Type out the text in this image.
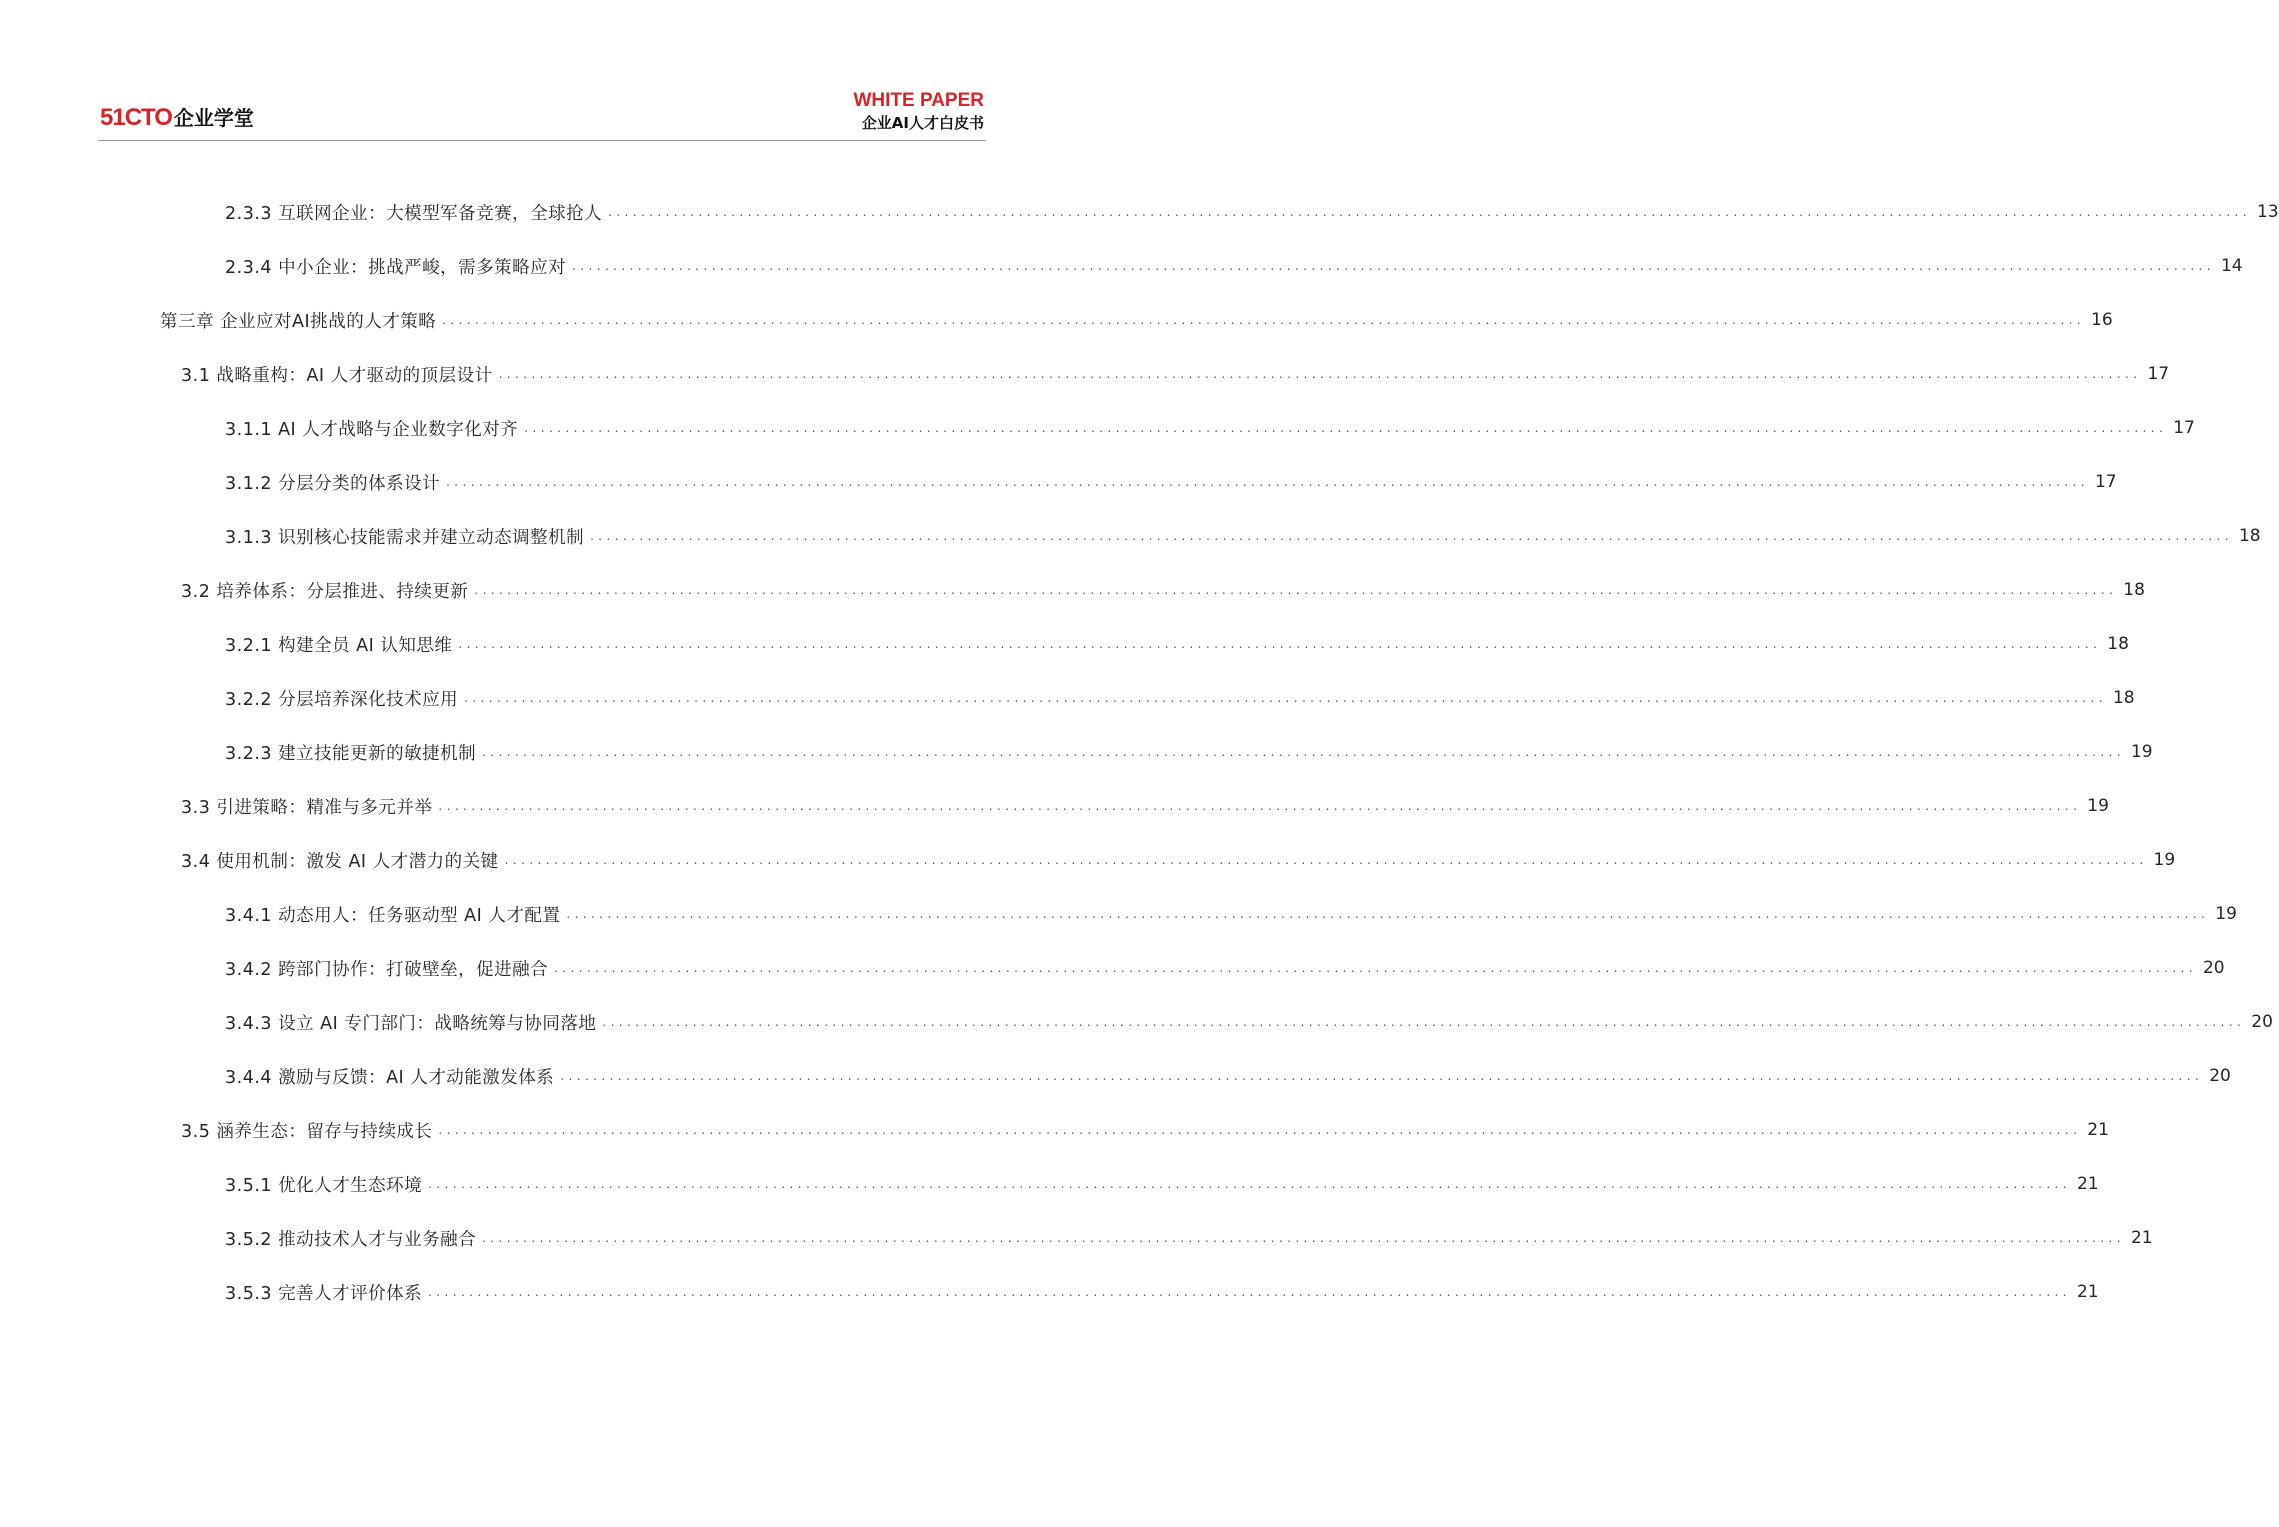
51CTO 企业学堂
WHITE PAPER
企业AI人才白皮书
2.3.3 互联网企业：大模型军备竞赛，全球抢人 ........................................................................................................................................................................................................ 13
2.3.4 中小企业：挑战严峻，需多策略应对 ........................................................................................................................................................................................................ 14
第三章 企业应对AI挑战的人才策略 ........................................................................................................................................................................................................ 16
3.1 战略重构：AI 人才驱动的顶层设计 ........................................................................................................................................................................................................ 17
3.1.1 AI 人才战略与企业数字化对齐 ........................................................................................................................................................................................................ 17
3.1.2 分层分类的体系设计 ........................................................................................................................................................................................................ 17
3.1.3 识别核心技能需求并建立动态调整机制 ........................................................................................................................................................................................................ 18
3.2 培养体系：分层推进、持续更新 ........................................................................................................................................................................................................ 18
3.2.1 构建全员 AI 认知思维 ........................................................................................................................................................................................................ 18
3.2.2 分层培养深化技术应用 ........................................................................................................................................................................................................ 18
3.2.3 建立技能更新的敏捷机制 ........................................................................................................................................................................................................ 19
3.3 引进策略：精准与多元并举 ........................................................................................................................................................................................................ 19
3.4 使用机制：激发 AI 人才潜力的关键 ........................................................................................................................................................................................................ 19
3.4.1 动态用人：任务驱动型 AI 人才配置 ........................................................................................................................................................................................................ 19
3.4.2 跨部门协作：打破壁垒，促进融合 ........................................................................................................................................................................................................ 20
3.4.3 设立 AI 专门部门：战略统筹与协同落地 ........................................................................................................................................................................................................ 20
3.4.4 激励与反馈：AI 人才动能激发体系 ........................................................................................................................................................................................................ 20
3.5 涵养生态：留存与持续成长 ........................................................................................................................................................................................................ 21
3.5.1 优化人才生态环境 ........................................................................................................................................................................................................ 21
3.5.2 推动技术人才与业务融合 ........................................................................................................................................................................................................ 21
3.5.3 完善人才评价体系 ........................................................................................................................................................................................................ 21
